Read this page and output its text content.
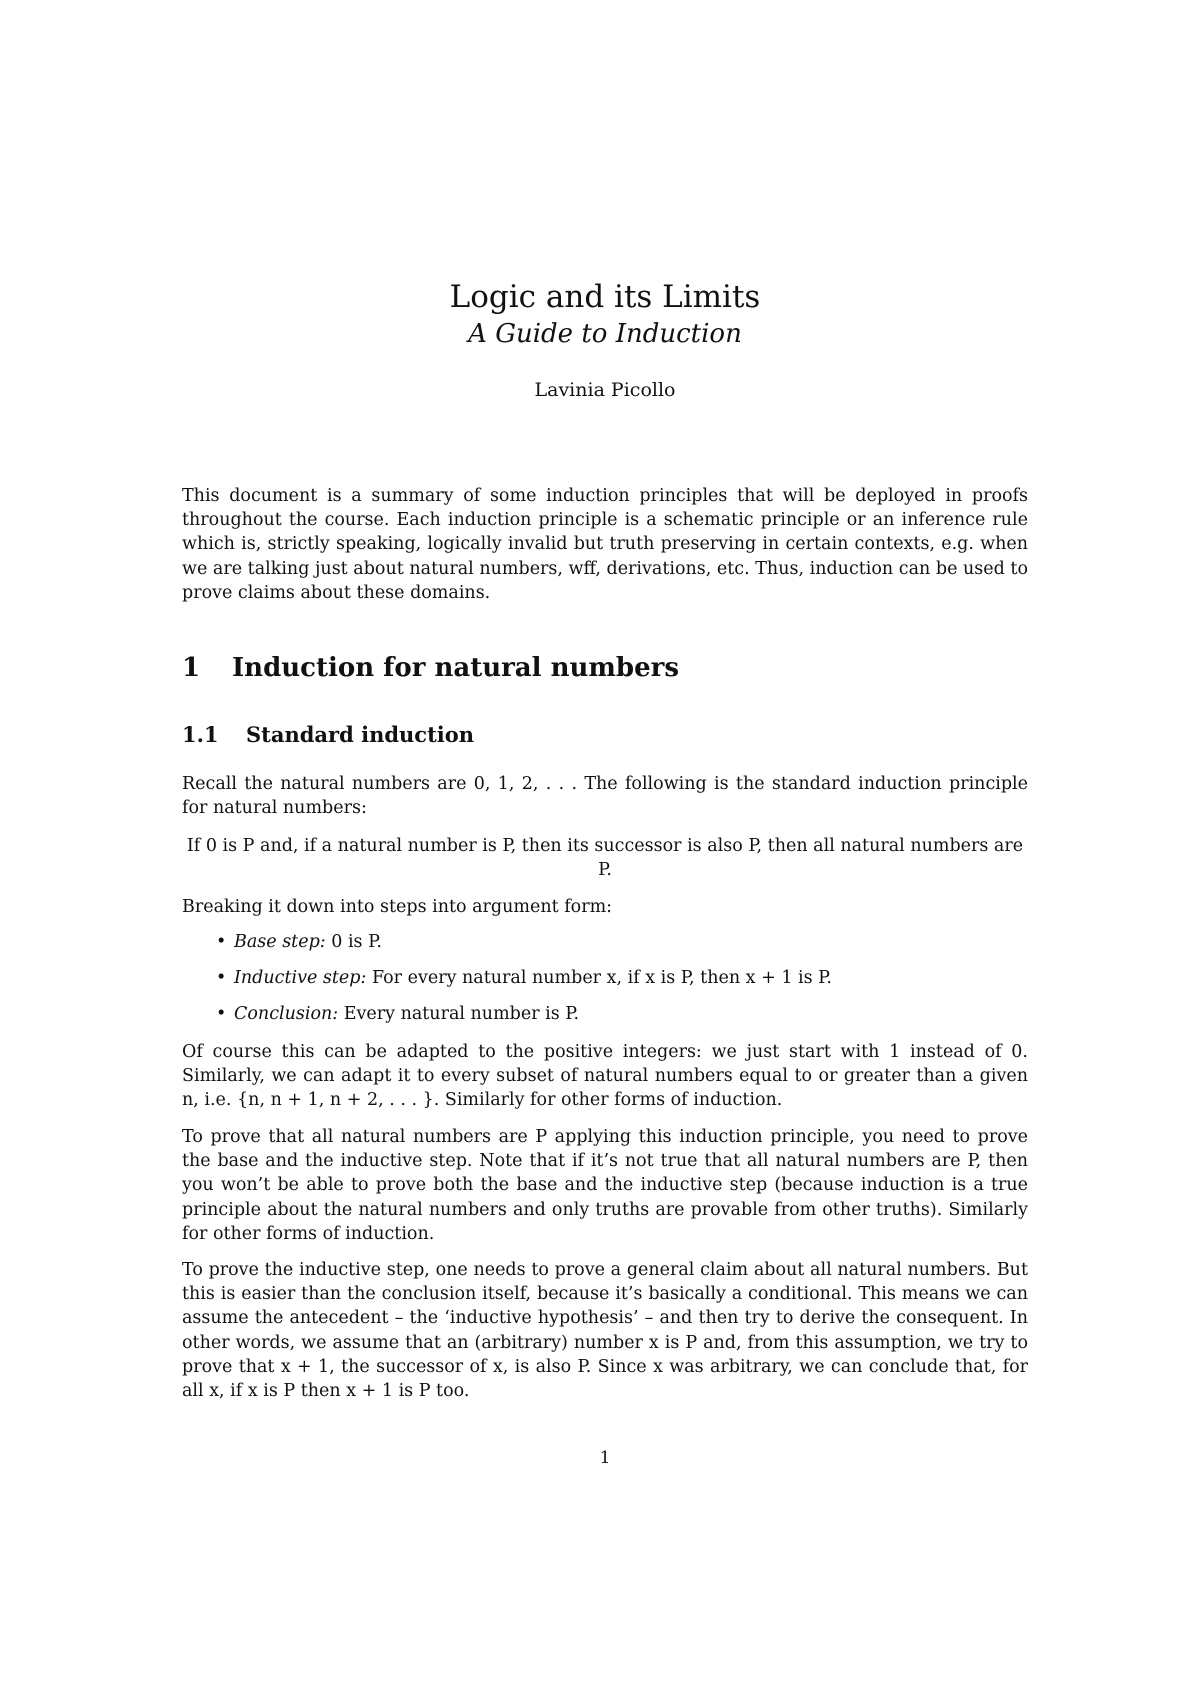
Logic and its Limits

A Guide to Induction

Lavinia Picollo

This document is a summary of some induction principles that will be deployed in proofs throughout the course. Each induction principle is a schematic principle or an inference rule which is, strictly speaking, logically invalid but truth preserving in certain contexts, e.g. when we are talking just about natural numbers, wff, derivations, etc. Thus, induction can be used to prove claims about these domains.

1 Induction for natural numbers
1.1 Standard induction

Recall the natural numbers are 0, 1, 2, . . . The following is the standard induction principle for natural numbers:

If 0 is P and, if a natural number is P, then its successor is also P, then all natural numbers are P.

Breaking it down into steps into argument form:

• Base step: 0 is P.
• Inductive step: For every natural number x, if x is P, then x + 1 is P.
• Conclusion: Every natural number is P.

Of course this can be adapted to the positive integers: we just start with 1 instead of 0. Similarly, we can adapt it to every subset of natural numbers equal to or greater than a given n, i.e. {n, n + 1, n + 2, . . . }. Similarly for other forms of induction.

To prove that all natural numbers are P applying this induction principle, you need to prove the base and the inductive step. Note that if it’s not true that all natural numbers are P, then you won’t be able to prove both the base and the inductive step (because induction is a true principle about the natural numbers and only truths are provable from other truths). Similarly for other forms of induction.

To prove the inductive step, one needs to prove a general claim about all natural numbers. But this is easier than the conclusion itself, because it’s basically a conditional. This means we can assume the antecedent – the ‘inductive hypothesis’ – and then try to derive the consequent. In other words, we assume that an (arbitrary) number x is P and, from this assumption, we try to prove that x + 1, the successor of x, is also P. Since x was arbitrary, we can conclude that, for all x, if x is P then x + 1 is P too.

1
